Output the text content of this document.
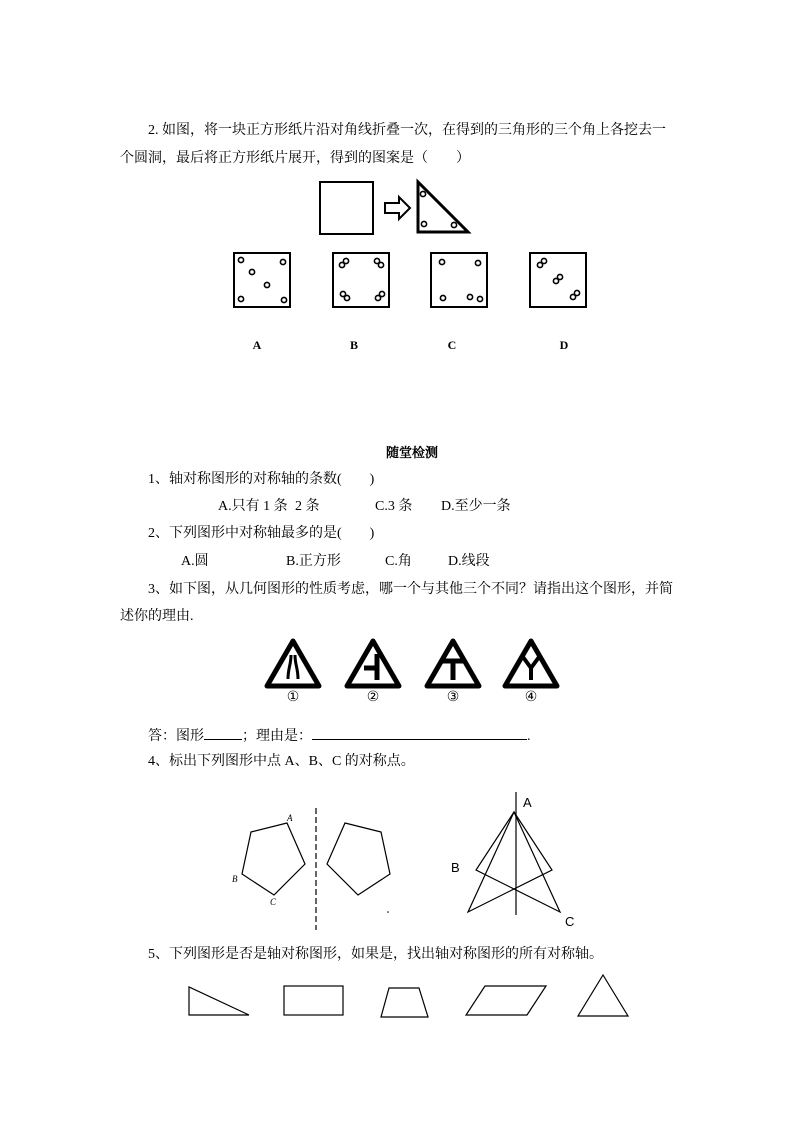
2. 如图，将一块正方形纸片沿对角线折叠一次，在得到的三角形的三个角上各挖去一
个圆洞，最后将正方形纸片展开，得到的图案是（　　）
A	B	C	D
随堂检测
1、轴对称图形的对称轴的条数(　　)
A.只有 1 条 2 条	C.3 条 D.至少一条
2、下列图形中对称轴最多的是(　　)
A.圆	B.正方形	C.角	D.线段
3、如下图，从几何图形的性质考虑，哪一个与其他三个不同？请指出这个图形，并简
述你的理由.
答：图形	；理由是：	.
4、标出下列图形中点 A、B、C 的对称点。
5、下列图形是否是轴对称图形，如果是，找出轴对称图形的所有对称轴。
①	②	③	④
A
B
C
A
B
C
